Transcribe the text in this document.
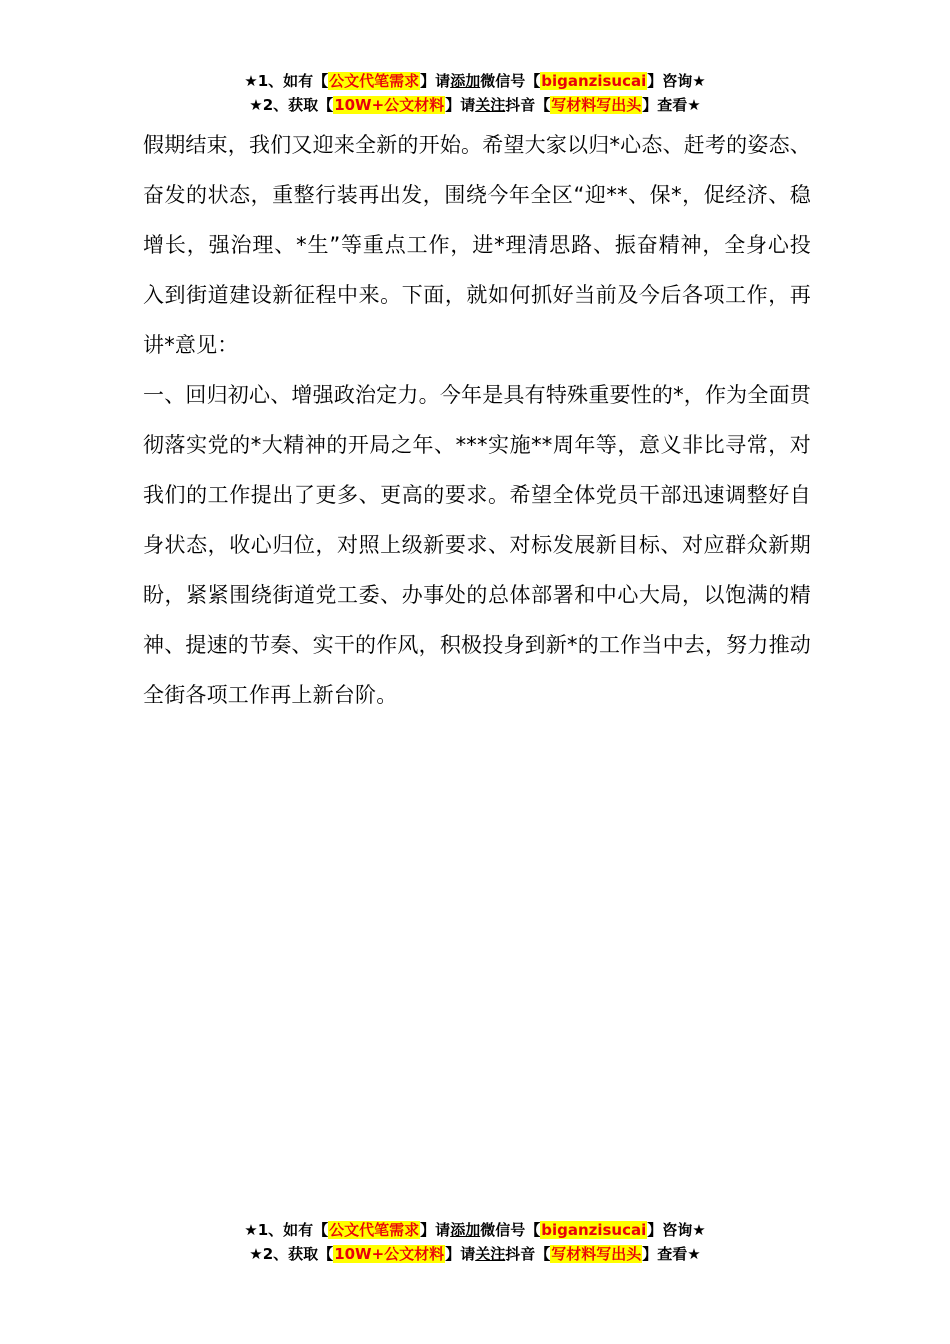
★1、如有【公文代笔需求】请添加微信号【biganzisucai】咨询★
★2、获取【10W+公文材料】请关注抖音【写材料写出头】查看★

假期结束，我们又迎来全新的开始。希望大家以归*心态、赶考的姿态、奋发的状态，重整行装再出发，围绕今年全区“迎**、保*，促经济、稳增长，强治理、*生”等重点工作，进*理清思路、振奋精神，全身心投入到街道建设新征程中来。下面，就如何抓好当前及今后各项工作，再讲*意见：

一、回归初心、增强政治定力。今年是具有特殊重要性的*，作为全面贯彻落实党的*大精神的开局之年、***实施**周年等，意义非比寻常，对我们的工作提出了更多、更高的要求。希望全体党员干部迅速调整好自身状态，收心归位，对照上级新要求、对标发展新目标、对应群众新期盼，紧紧围绕街道党工委、办事处的总体部署和中心大局，以饱满的精神、提速的节奏、实干的作风，积极投身到新*的工作当中去，努力推动全街各项工作再上新台阶。

★1、如有【公文代笔需求】请添加微信号【biganzisucai】咨询★
★2、获取【10W+公文材料】请关注抖音【写材料写出头】查看★
